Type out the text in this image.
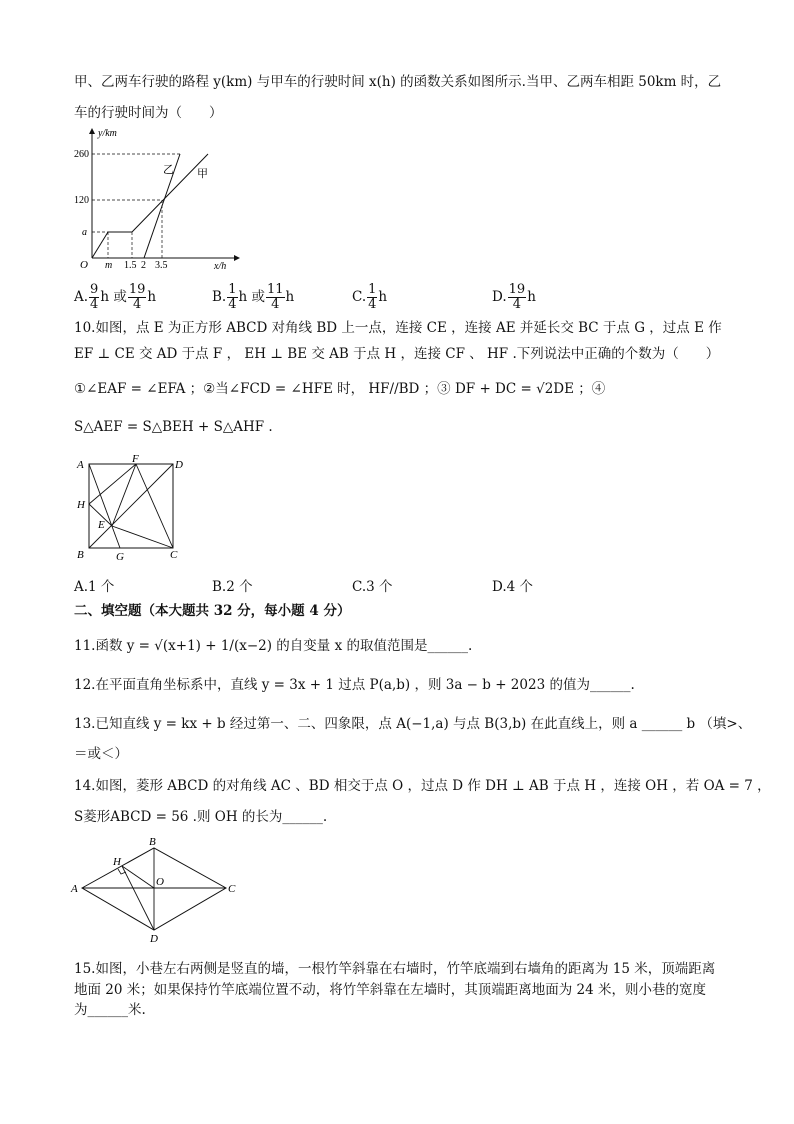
甲、乙两车行驶的路程 y(km) 与甲车的行驶时间 x(h) 的函数关系如图所示.当甲、乙两车相距 50km 时，乙
车的行驶时间为（　　）
y/km
x/h
O
260
120
a
m 1.5 2 3.5
乙 甲
A. $\frac{9}{4}$ h 或 $\frac{19}{4}$ h	B. $\frac{1}{4}$ h 或 $\frac{11}{4}$ h	C. $\frac{1}{4}$ h	D. $\frac{19}{4}$ h
10.如图，点 E 为正方形 ABCD 对角线 BD 上一点，连接 CE ，连接 AE 并延长交 BC 于点 G ，过点 E 作
EF ⊥ CE 交 AD 于点 F ， EH ⊥ BE 交 AB 于点 H ，连接 CF 、 HF .下列说法中正确的个数为（　　）
①∠EAF = ∠EFA ；②当∠FCD = ∠HFE 时， HF//BD ；③ DF + DC = √2DE ；④
S△AEF = S△BEH + S△AHF .
A	F	D
H
E
B	G	C
A.1 个	B.2 个	C.3 个	D.4 个
二、填空题（本大题共 32 分，每小题 4 分）
11.函数 y = √(x+1) + 1/(x−2) 的自变量 x 的取值范围是______.
12.在平面直角坐标系中，直线 y = 3x + 1 过点 P(a,b) ，则 3a − b + 2023 的值为______.
13.已知直线 y = kx + b 经过第一、二、四象限，点 A(−1,a) 与点 B(3,b) 在此直线上，则 a ______ b （填>、
＝或＜）
14.如图，菱形 ABCD 的对角线 AC 、BD 相交于点 O ，过点 D 作 DH ⊥ AB 于点 H ，连接 OH ，若 OA = 7 ，
S菱形ABCD = 56 .则 OH 的长为______.
B
H
O
A	C
D
15.如图，小巷左右两侧是竖直的墙，一根竹竿斜靠在右墙时，竹竿底端到右墙角的距离为 15 米，顶端距离
地面 20 米；如果保持竹竿底端位置不动，将竹竿斜靠在左墙时，其顶端距离地面为 24 米，则小巷的宽度
为______米.
